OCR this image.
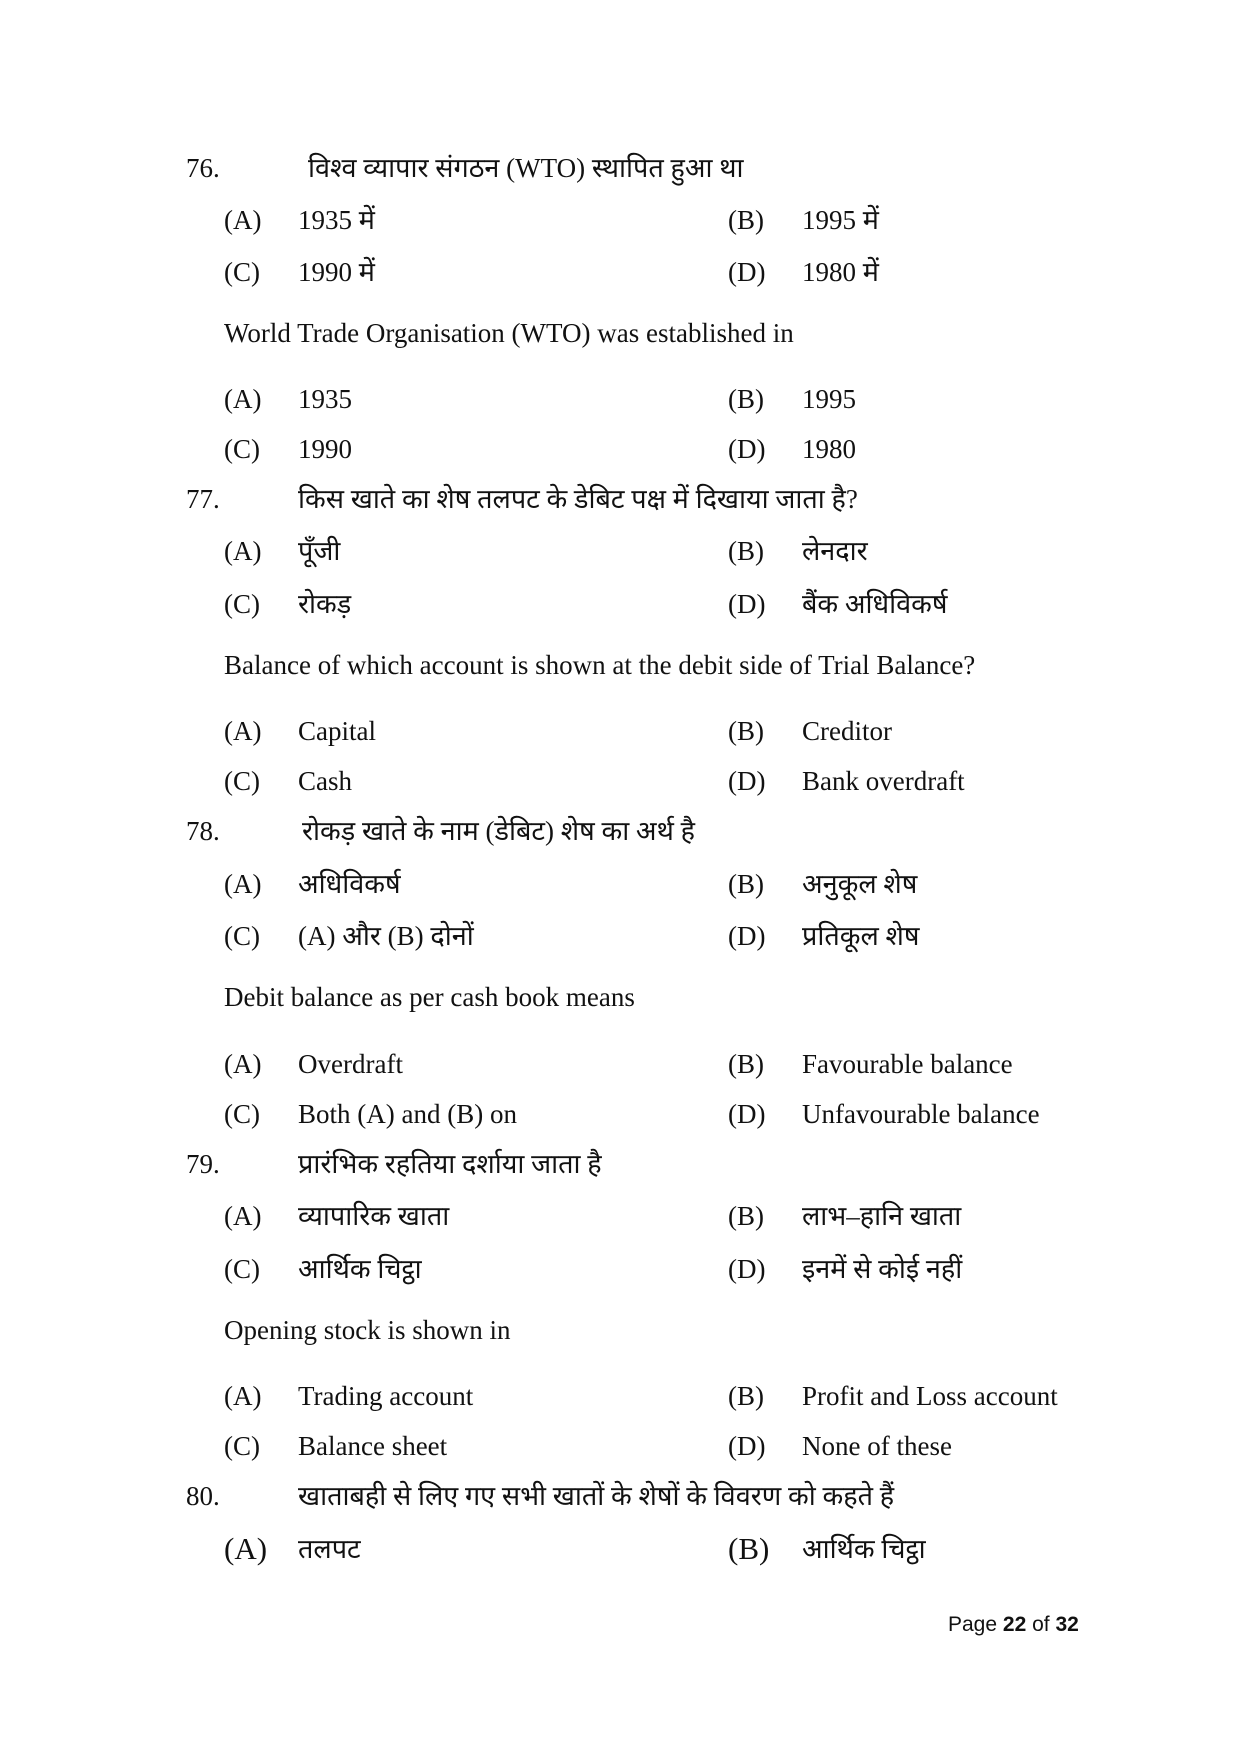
76.	विश्व व्यापार संगठन (WTO) स्थापित हुआ था
(A) 1935 में	(B) 1995 में
(C) 1990 में	(D) 1980 में
World Trade Organisation (WTO) was established in
(A) 1935	(B) 1995
(C) 1990	(D) 1980
77.	किस खाते का शेष तलपट के डेबिट पक्ष में दिखाया जाता है?
(A) पूँजी	(B) लेनदार
(C) रोकड़	(D) बैंक अधिविकर्ष
Balance of which account is shown at the debit side of Trial Balance?
(A) Capital	(B) Creditor
(C) Cash	(D) Bank overdraft
78.	रोकड़ खाते के नाम (डेबिट) शेष का अर्थ है
(A) अधिविकर्ष	(B) अनुकूल शेष
(C) (A) और (B) दोनों	(D) प्रतिकूल शेष
Debit balance as per cash book means
(A) Overdraft	(B) Favourable balance
(C) Both (A) and (B) on	(D) Unfavourable balance
79.	प्रारंभिक रहतिया दर्शाया जाता है
(A) व्यापारिक खाता	(B) लाभ–हानि खाता
(C) आर्थिक चिट्ठा	(D) इनमें से कोई नहीं
Opening stock is shown in
(A) Trading account	(B) Profit and Loss account
(C) Balance sheet	(D) None of these
80.	खाताबही से लिए गए सभी खातों के शेषों के विवरण को कहते हैं
(A) तलपट	(B) आर्थिक चिट्ठा
Page 22 of 32
